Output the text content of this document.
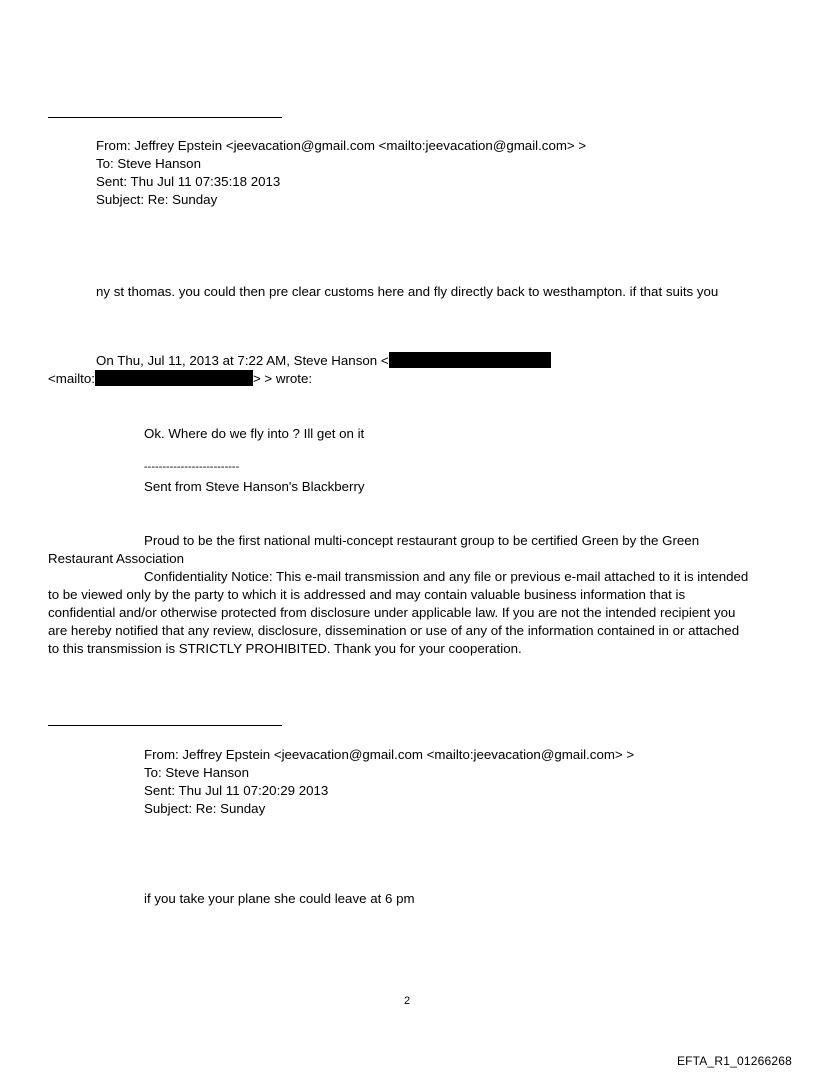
From: Jeffrey Epstein <jeevacation@gmail.com <mailto:jeevacation@gmail.com> >
To: Steve Hanson
Sent: Thu Jul 11 07:35:18 2013
Subject: Re: Sunday
ny st thomas. you could then pre clear customs here and fly directly back to westhampton. if that suits you
On Thu, Jul 11, 2013 at 7:22 AM, Steve Hanson <
<mailto:	> > wrote:
Ok. Where do we fly into ? Ill get on it
--------------------------
Sent from Steve Hanson's Blackberry
Proud to be the first national multi-concept restaurant group to be certified Green by the Green
Restaurant Association
Confidentiality Notice: This e-mail transmission and any file or previous e-mail attached to it is intended
to be viewed only by the party to which it is addressed and may contain valuable business information that is
confidential and/or otherwise protected from disclosure under applicable law. If you are not the intended recipient you
are hereby notified that any review, disclosure, dissemination or use of any of the information contained in or attached
to this transmission is STRICTLY PROHIBITED. Thank you for your cooperation.
From: Jeffrey Epstein <jeevacation@gmail.com <mailto:jeevacation@gmail.com> >
To: Steve Hanson
Sent: Thu Jul 11 07:20:29 2013
Subject: Re: Sunday
if you take your plane she could leave at 6 pm
2
EFTA_R1_01266268
